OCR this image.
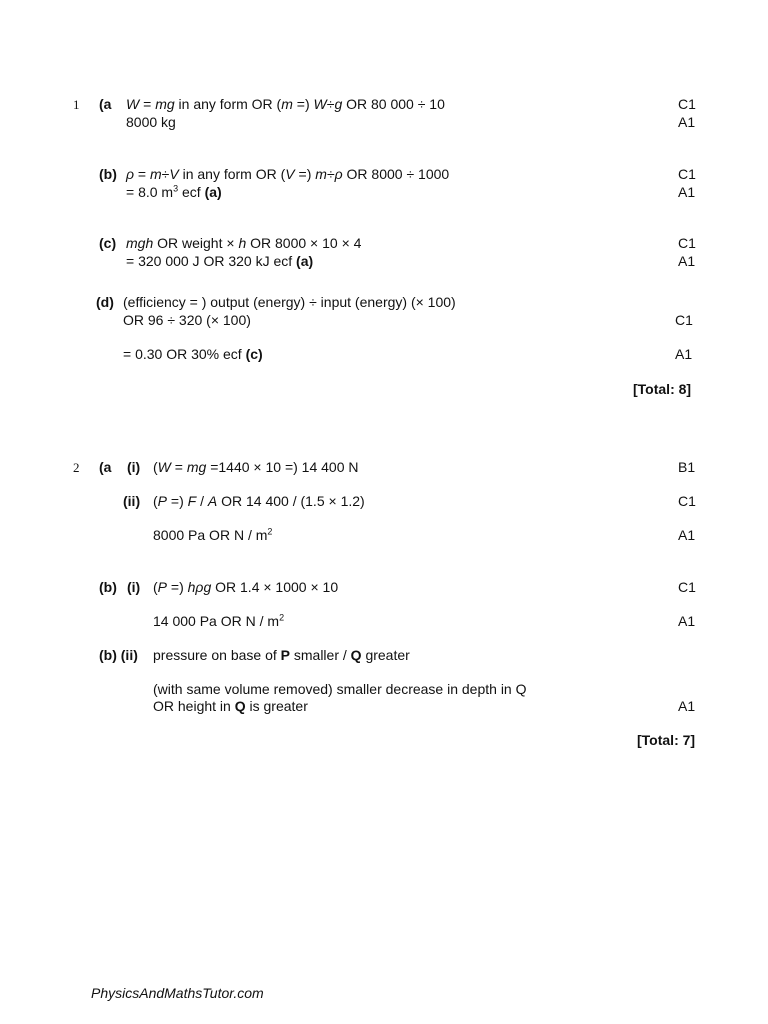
1 (a W = mg in any form OR (m =) W÷g OR 80 000 ÷ 10
8000 kg
C1
A1
(b) ρ = m÷V in any form OR (V =) m÷ρ OR 8000 ÷ 1000
= 8.0 $m^3$ ecf (a)
C1
A1
(c) mgh OR weight × h OR 8000 × 10 × 4
= 320 000 J OR 320 kJ ecf (a)
C1
A1
(d) (efficiency = ) output (energy) ÷ input (energy) (× 100)
OR 96 ÷ 320 (× 100)
= 0.30 OR 30% ecf (c)
C1
A1
[Total: 8]
2 (a (i) (W = mg =1440 × 10 =) 14 400 N	B1
(ii) (P =) F / A OR 14 400 / (1.5 × 1.2)
8000 Pa OR N / $m^2$
C1
A1
(b) (i) (P =) hρg OR 1.4 × 1000 × 10
14 000 Pa OR N / $m^2$
C1
A1
(b) (ii) pressure on base of P smaller / Q greater
(with same volume removed) smaller decrease in depth in Q
OR height in Q is greater	A1
[Total: 7]
PhysicsAndMathsTutor.com
